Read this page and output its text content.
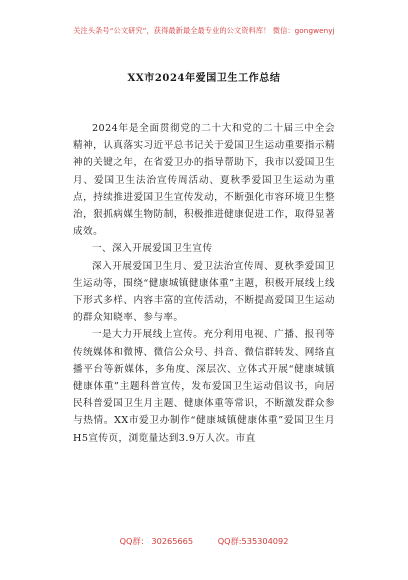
关注头条号“公文研究”，获得最新最全最专业的公文资料库！ 微信：gongwenyj
XX市2024年爱国卫生工作总结

2024年是全面贯彻党的二十大和党的二十届三中全会精神，认真落实习近平总书记关于爱国卫生运动重要指示精神的关键之年，在省爱卫办的指导帮助下，我市以爱国卫生月、爱国卫生法治宣传周活动、夏秋季爱国卫生运动为重点，持续推进爱国卫生宣传发动，不断强化市容环境卫生整治，狠抓病媒生物防制，积极推进健康促进工作，取得显著成效。

一、深入开展爱国卫生宣传

深入开展爱国卫生月、爱卫法治宣传周、夏秋季爱国卫生运动等，围绕“健康城镇健康体重”主题，积极开展线上线下形式多样、内容丰富的宣传活动，不断提高爱国卫生运动的群众知晓率、参与率。

一是大力开展线上宣传。充分利用电视、广播、报刊等传统媒体和微博、微信公众号、抖音、微信群转发、网络直播平台等新媒体，多角度、深层次、立体式开展“健康城镇健康体重”主题科普宣传，发布爱国卫生运动倡议书，向居民科普爱国卫生月主题、健康体重等常识，不断激发群众参与热情。XX市爱卫办制作“健康城镇健康体重”爱国卫生月H5宣传页，浏览量达到3.9万人次。市直

QQ群： 30265665	QQ群:535304092
